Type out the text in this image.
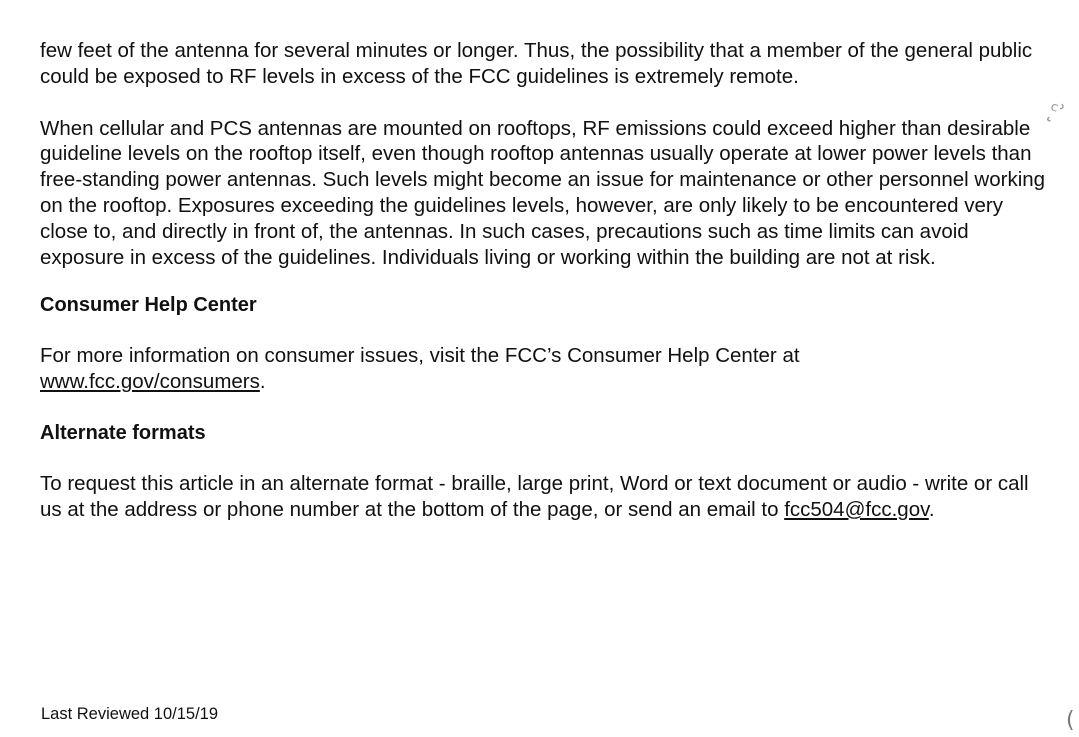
few feet of the antenna for several minutes or longer. Thus, the possibility that a member of the general public could be exposed to RF levels in excess of the FCC guidelines is extremely remote.

When cellular and PCS antennas are mounted on rooftops, RF emissions could exceed higher than desirable guideline levels on the rooftop itself, even though rooftop antennas usually operate at lower power levels than free-standing power antennas. Such levels might become an issue for maintenance or other personnel working on the rooftop. Exposures exceeding the guidelines levels, however, are only likely to be encountered very close to, and directly in front of, the antennas. In such cases, precautions such as time limits can avoid exposure in excess of the guidelines. Individuals living or working within the building are not at risk.

Consumer Help Center

For more information on consumer issues, visit the FCC’s Consumer Help Center at
www.fcc.gov/consumers.

Alternate formats

To request this article in an alternate format - braille, large print, Word or text document or audio - write or call us at the address or phone number at the bottom of the page, or send an email to fcc504@fcc.gov.

Last Reviewed 10/15/19

ᶜ̨ʾ
(
